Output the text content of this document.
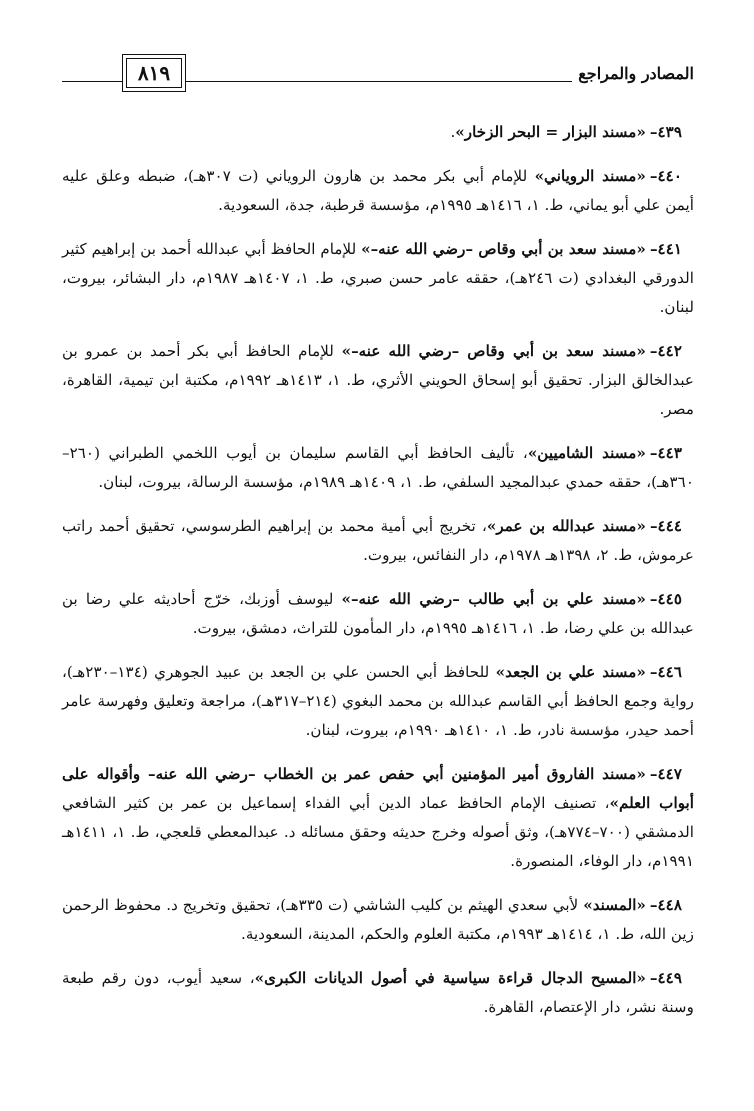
المصادر والمراجع
٨١٩

٤٣٩–«مسند البزار = البحر الزخار».

٤٤٠–«مسند الروياني» للإمام أبي بكر محمد بن هارون الروياني (ت ٣٠٧هـ)، ضبطه وعلق عليه أيمن علي أبو يماني، ط. ١، ١٤١٦هـ ١٩٩٥م، مؤسسة قرطبة، جدة، السعودية.

٤٤١–«مسند سعد بن أبي وقاص –رضي الله عنه–» للإمام الحافظ أبي عبدالله أحمد بن إبراهيم كثير الدورقي البغدادي (ت ٢٤٦هـ)، حققه عامر حسن صبري، ط. ١، ١٤٠٧هـ ١٩٨٧م، دار البشائر، بيروت، لبنان.

٤٤٢–«مسند سعد بن أبي وقاص –رضي الله عنه–» للإمام الحافظ أبي بكر أحمد بن عمرو بن عبدالخالق البزار. تحقيق أبو إسحاق الحويني الأثري، ط. ١، ١٤١٣هـ ١٩٩٢م، مكتبة ابن تيمية، القاهرة، مصر.

٤٤٣–«مسند الشاميين»، تأليف الحافظ أبي القاسم سليمان بن أيوب اللخمي الطبراني (٢٦٠–٣٦٠هـ)، حققه حمدي عبدالمجيد السلفي، ط. ١، ١٤٠٩هـ ١٩٨٩م، مؤسسة الرسالة، بيروت، لبنان.

٤٤٤–«مسند عبدالله بن عمر»، تخريج أبي أمية محمد بن إبراهيم الطرسوسي، تحقيق أحمد راتب عرموش، ط. ٢، ١٣٩٨هـ ١٩٧٨م، دار النفائس، بيروت.

٤٤٥–«مسند علي بن أبي طالب –رضي الله عنه–» ليوسف أوزبك، خرّج أحاديثه علي رضا بن عبدالله بن علي رضا، ط. ١، ١٤١٦هـ ١٩٩٥م، دار المأمون للتراث، دمشق، بيروت.

٤٤٦–«مسند علي بن الجعد» للحافظ أبي الحسن علي بن الجعد بن عبيد الجوهري (١٣٤–٢٣٠هـ)، رواية وجمع الحافظ أبي القاسم عبدالله بن محمد البغوي (٢١٤–٣١٧هـ)، مراجعة وتعليق وفهرسة عامر أحمد حيدر، مؤسسة نادر، ط. ١، ١٤١٠هـ ١٩٩٠م، بيروت، لبنان.

٤٤٧–«مسند الفاروق أمير المؤمنين أبي حفص عمر بن الخطاب –رضي الله عنه– وأقواله على أبواب العلم»، تصنيف الإمام الحافظ عماد الدين أبي الفداء إسماعيل بن عمر بن كثير الشافعي الدمشقي (٧٠٠–٧٧٤هـ)، وثق أصوله وخرج حديثه وحقق مسائله د. عبدالمعطي قلعجي، ط. ١، ١٤١١هـ ١٩٩١م، دار الوفاء، المنصورة.

٤٤٨–«المسند» لأبي سعدي الهيثم بن كليب الشاشي (ت ٣٣٥هـ)، تحقيق وتخريج د. محفوظ الرحمن زين الله، ط. ١، ١٤١٤هـ ١٩٩٣م، مكتبة العلوم والحكم، المدينة، السعودية.

٤٤٩–«المسيح الدجال قراءة سياسية في أصول الديانات الكبرى»، سعيد أيوب، دون رقم طبعة وسنة نشر، دار الإعتصام، القاهرة.
